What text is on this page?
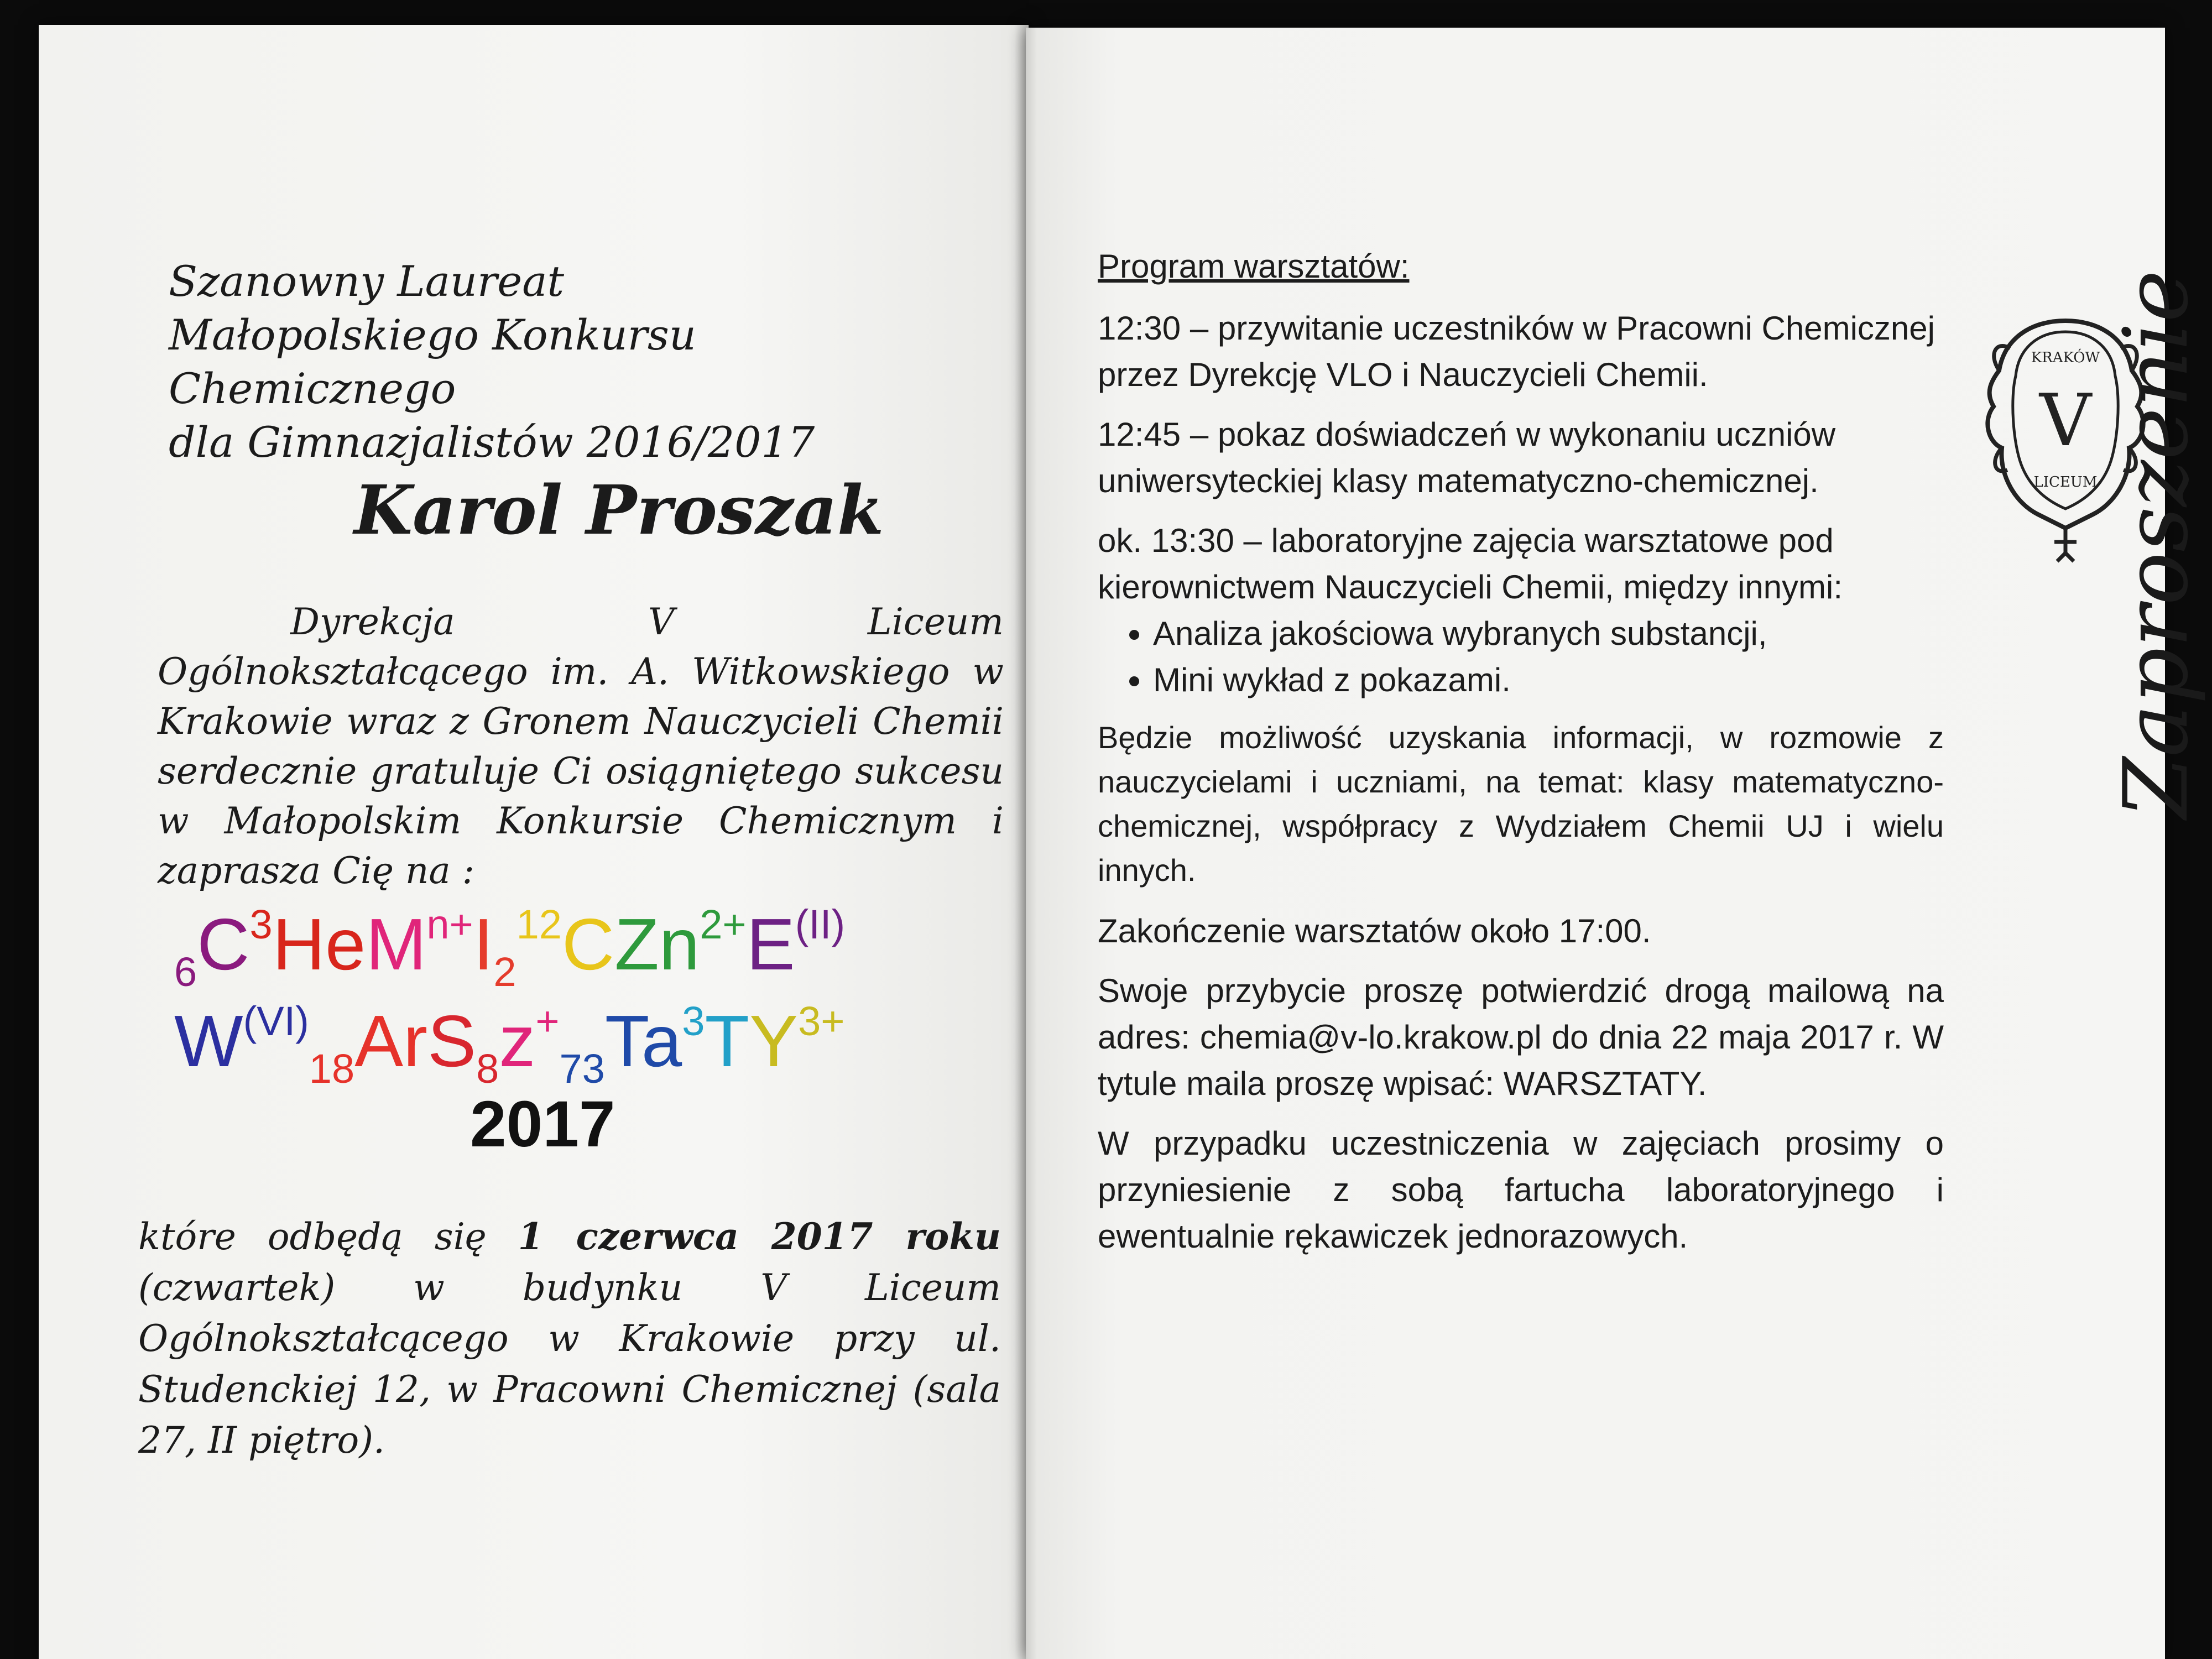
Szanowny Laureat
Małopolskiego Konkursu Chemicznego
dla Gimnazjalistów 2016/2017
Karol Proszak
Dyrekcja V Liceum Ogólnokształcącego im. A. Witkowskiego w Krakowie wraz z Gronem Nauczycieli Chemii serdecznie gratuluje Ci osiągniętego sukcesu w Małopolskim Konkursie Chemicznym i zaprasza Cię na :
$_6C^3HeM^{n+}I_2^{12}CZn^{2+}E^{(II)}$
$W^{(VI)}_{18}ArS_8z^+_{73}Ta^3TY^{3+}$
2017
które odbędą się 1 czerwca 2017 roku (czwartek) w budynku V Liceum Ogólnokształcącego w Krakowie przy ul. Studenckiej 12, w Pracowni Chemicznej (sala 27, II piętro).
Program warsztatów:
12:30 – przywitanie uczestników w Pracowni Chemicznej przez Dyrekcję VLO i Nauczycieli Chemii.
12:45 – pokaz doświadczeń w wykonaniu uczniów uniwersyteckiej klasy matematyczno-chemicznej.
ok. 13:30 – laboratoryjne zajęcia warsztatowe pod kierownictwem Nauczycieli Chemii, między innymi:
• Analiza jakościowa wybranych substancji,
• Mini wykład z pokazami.
Będzie możliwość uzyskania informacji, w rozmowie z nauczycielami i uczniami, na temat: klasy matematyczno-chemicznej, współpracy z Wydziałem Chemii UJ i wielu innych.
Zakończenie warsztatów około 17:00.
Swoje przybycie proszę potwierdzić drogą mailową na adres: chemia@v-lo.krakow.pl do dnia 22 maja 2017 r. W tytule maila proszę wpisać: WARSZTATY.
W przypadku uczestniczenia w zajęciach prosimy o przyniesienie z sobą fartucha laboratoryjnego i ewentualnie rękawiczek jednorazowych.
KRAKÓW
V
LICEUM Zaproszenie
